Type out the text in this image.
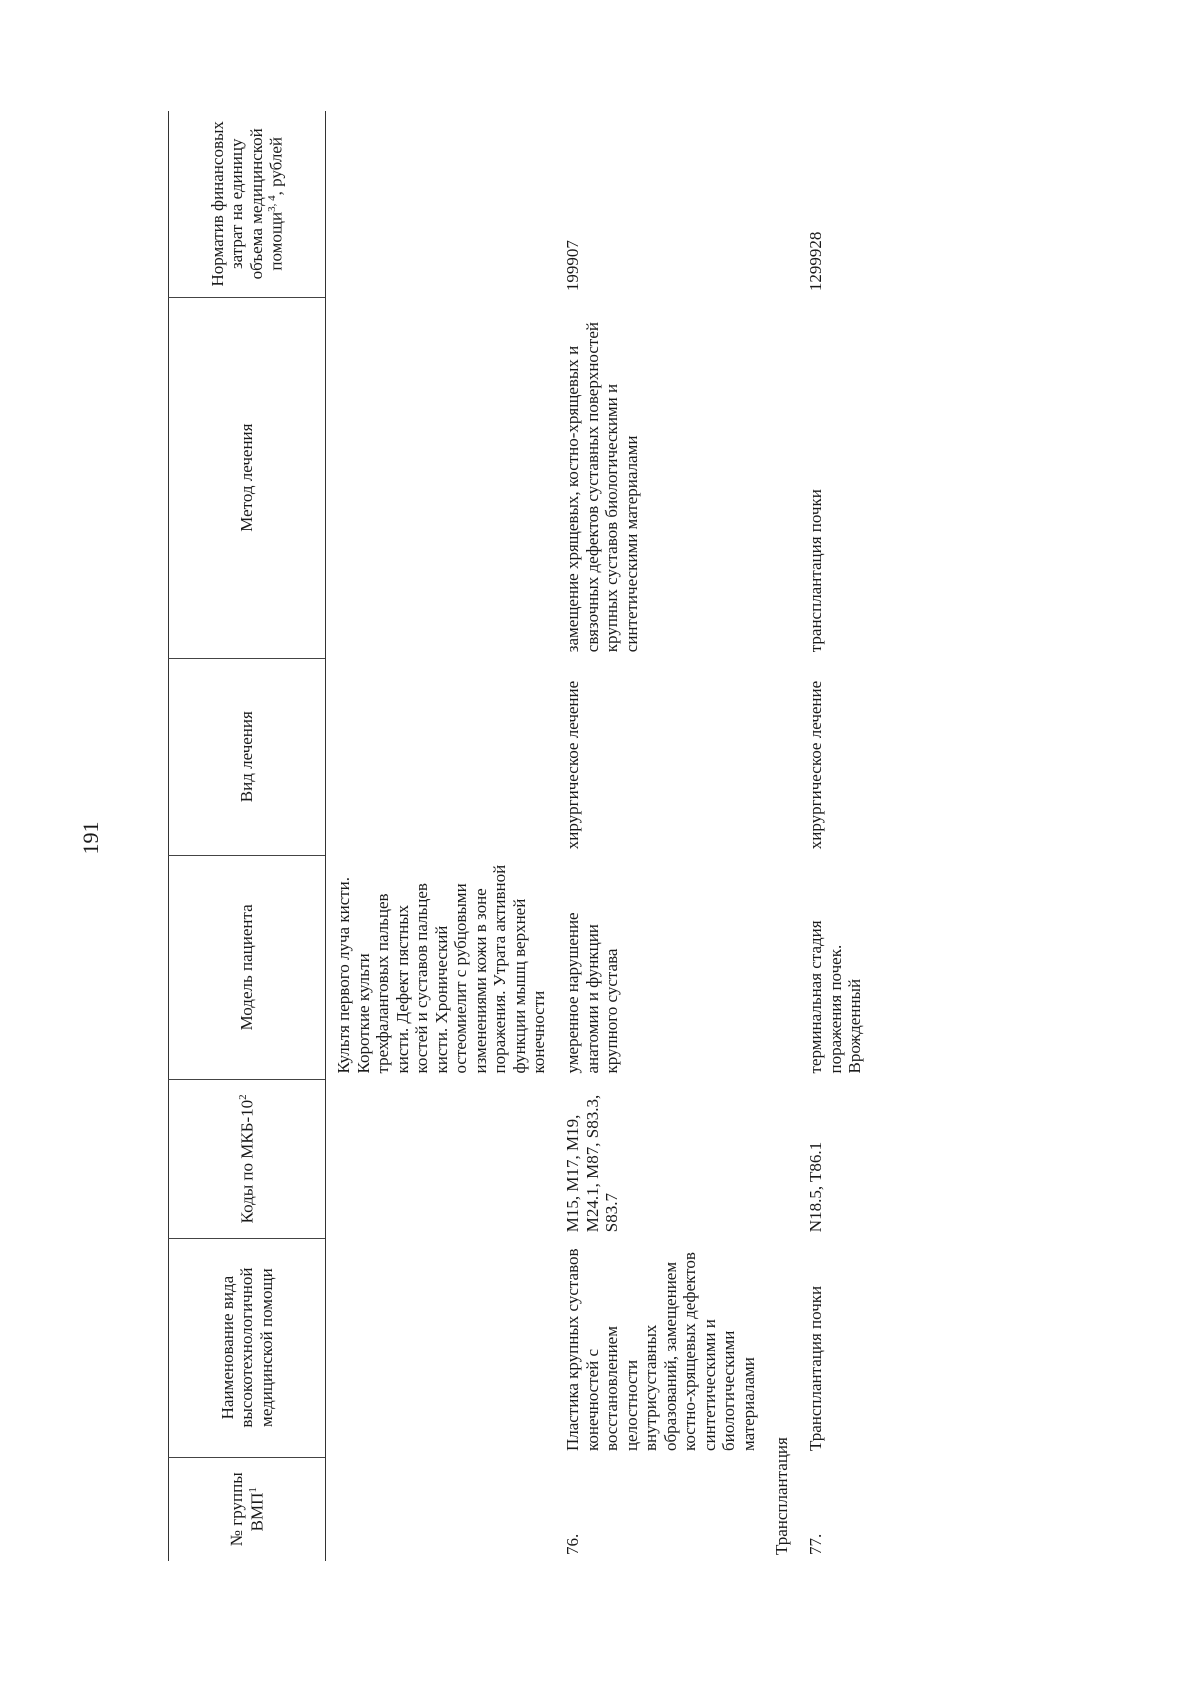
191
№ группы ВМП$^1$	Наименование вида высокотехнологичной медицинской помощи	Коды по МКБ-$10^2$	Модель пациента	Вид лечения	Метод лечения	Норматив финансовых затрат на единицу объема медицинской помощи$^{3, 4}$, рублей
			Культя первого луча кисти. Короткие культи трехфаланговых пальцев кисти. Дефект пястных костей и суставов пальцев кисти. Хронический остеомиелит с рубцовыми изменениями кожи в зоне поражения. Утрата активной функции мышц верхней конечности			
76.	Пластика крупных суставов конечностей с восстановлением целостности внутрисуставных образований, замещением костно-хрящевых дефектов синтетическими и биологическими материалами	M15, M17, M19, M24.1, M87, S83.3, S83.7	умеренное нарушение анатомии и функции крупного сустава	хирургическое лечение	замещение хрящевых, костно-хрящевых и связочных дефектов суставных поверхностей крупных суставов биологическими и синтетическими материалами	199907
Трансплантация						
77.	Трансплантация почки	N18.5, T86.1	терминальная стадия поражения почек. Врожденный	хирургическое лечение	трансплантация почки	1299928
